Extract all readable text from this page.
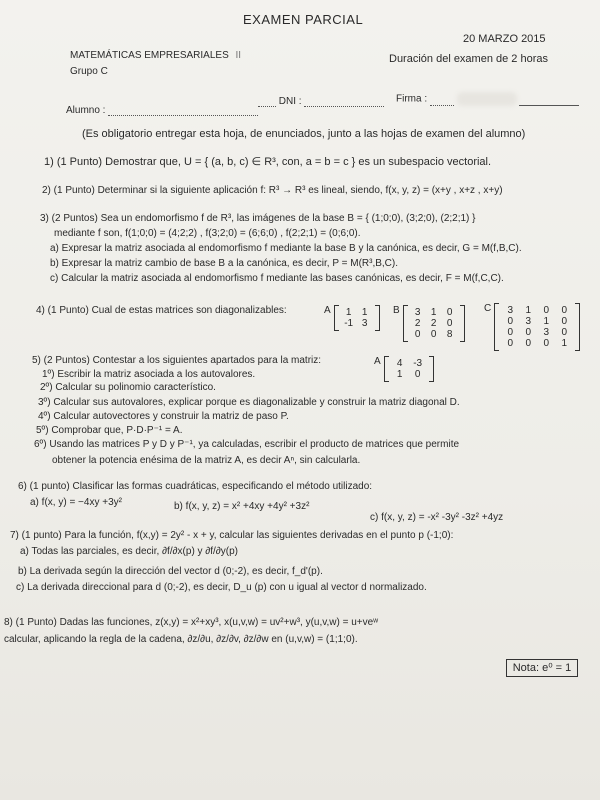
EXAMEN PARCIAL
20 MARZO 2015
MATEMÁTICAS EMPRESARIALES II
Grupo C
Duración del examen de 2 horas
Alumno :
DNI :	Firma :
(Es obligatorio entregar esta hoja, de enunciados, junto a las hojas de examen del alumno)
1) (1 Punto) Demostrar que, U = { (a, b, c) ∈ R³, con, a = b = c } es un subespacio vectorial.
2) (1 Punto) Determinar si la siguiente aplicación f: R³ → R³ es lineal, siendo, f(x, y, z) = (x+y , x+z , x+y)
3) (2 Puntos) Sea un endomorfismo f de R³, las imágenes de la base B = { (1;0;0), (3;2;0), (2;2;1) }
mediante f son, f(1;0;0) = (4;2;2) , f(3;2;0) = (6;6;0) , f(2;2;1) = (0;6;0).
a) Expresar la matriz asociada al endomorfismo f mediante la base B y la canónica, es decir, G = M(f,B,C).
b) Expresar la matriz cambio de base B a la canónica, es decir, P = M(R³,B,C).
c) Calcular la matriz asociada al endomorfismo f mediante las bases canónicas, es decir, F = M(f,C,C).
4) (1 Punto) Cual de estas matrices son diagonalizables:	A	1	1
-1 3
B	3	1	0
2	2	0
0	0	8
C	3	1	0	0
0	3	1	0
0	0	3	0
0	0	0	1
5) (2 Puntos) Contestar a los siguientes apartados para la matriz:	A	4	-3
1	0
1º) Escribir la matriz asociada a los autovalores.
2º) Calcular su polinomio característico.
3º) Calcular sus autovalores, explicar porque es diagonalizable y construir la matriz diagonal D.
4º) Calcular autovectores y construir la matriz de paso P.
5º) Comprobar que, P·D·P⁻¹ = A.
6º) Usando las matrices P y D y P⁻¹, ya calculadas, escribir el producto de matrices que permite
obtener la potencia enésima de la matriz A, es decir Aⁿ, sin calcularla.
6) (1 punto) Clasificar las formas cuadráticas, especificando el método utilizado:
a) f(x, y) = −4xy +3y²	b) f(x, y, z) = x² +4xy +4y² +3z²
c) f(x, y, z) = -x² -3y² -3z² +4yz
7) (1 punto) Para la función, f(x,y) = 2y² - x + y, calcular las siguientes derivadas en el punto p (-1;0):
a) Todas las parciales, es decir, ∂f/∂x(p) y ∂f/∂y(p)
b) La derivada según la dirección del vector d (0;-2), es decir, f_d'(p).
c) La derivada direccional para d (0;-2), es decir, D_u (p) con u igual al vector d normalizado.
8) (1 Punto) Dadas las funciones, z(x,y) = x²+xy³, x(u,v,w) = uv²+w³, y(u,v,w) = u+veʷ
calcular, aplicando la regla de la cadena, ∂z/∂u, ∂z/∂v, ∂z/∂w en (u,v,w) = (1;1;0).
Nota: e⁰ = 1
